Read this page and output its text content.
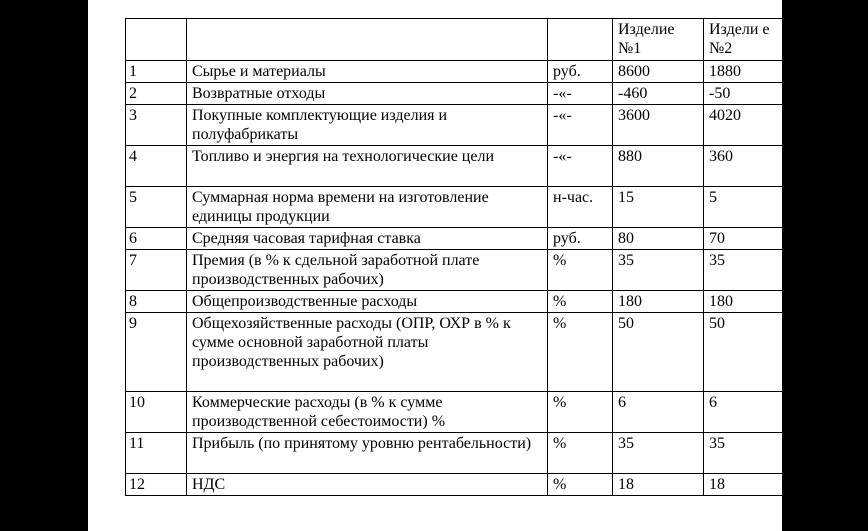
			Изделие №1	Издели е №2
1	Сырье и материалы	руб.	8600	1880
2	Возвратные отходы	-«-	-460	-50
3	Покупные комплектующие изделия и полуфабрикаты	-«-	3600	4020
4	Топливо и энергия на технологические цели	-«-	880	360
5	Суммарная норма времени на изготовление единицы продукции	н-час.	15	5
6	Средняя часовая тарифная ставка	руб.	80	70
7	Премия (в % к сдельной заработной плате производственных рабочих)	%	35	35
8	Общепроизводственные расходы	%	180	180
9	Общехозяйственные расходы (ОПР, ОХР в % к сумме основной заработной платы производственных рабочих)	%	50	50
10	Коммерческие расходы (в % к сумме производственной себестоимости) %	%	6	6
11	Прибыль (по принятому уровню рентабельности)	%	35	35
12	НДС	%	18	18
